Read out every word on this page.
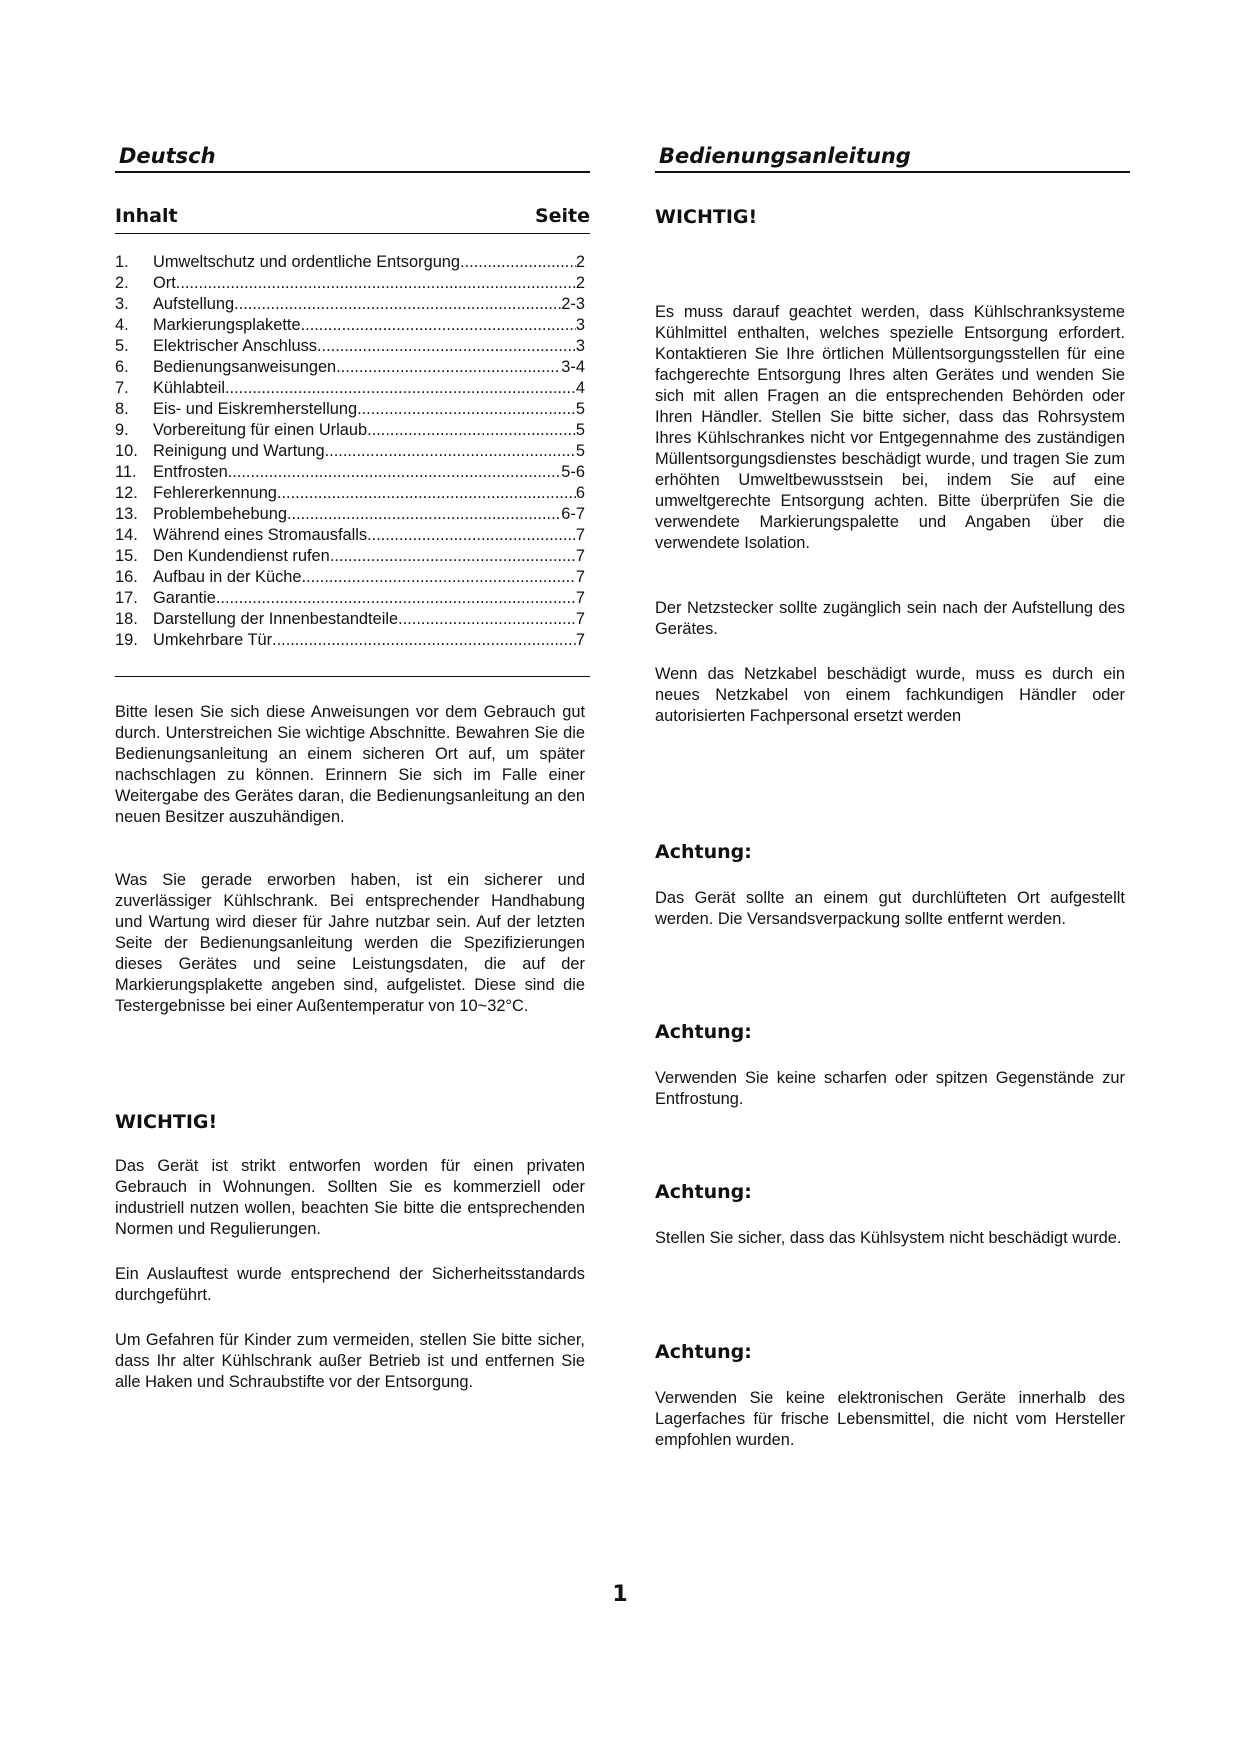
Deutsch
Inhalt	Seite
1.	Umweltschutz und ordentliche Entsorgung .....	2
2.	Ort .....	2
3.	Aufstellung .....	2-3
4.	Markierungsplakette .....	3
5.	Elektrischer Anschluss .....	3
6.	Bedienungsanweisungen .....	3-4
7.	Kühlabteil .....	4
8.	Eis- und Eiskremherstellung .....	5
9.	Vorbereitung für einen Urlaub .....	5
10. Reinigung und Wartung .....	5
11.	Entfrosten .....	5-6
12. Fehlererkennung .....	6
13. Problembehebung .....	6-7
14. Während eines Stromausfalls .....	7
15. Den Kundendienst rufen .....	7
16. Aufbau in der Küche .....	7
17. Garantie .....	7
18. Darstellung der Innenbestandteile .....	7
19. Umkehrbare Tür .....	7

Bitte lesen Sie sich diese Anweisungen vor dem Gebrauch gut durch. Unterstreichen Sie wichtige Abschnitte. Bewahren Sie die Bedienungsanleitung an einem sicheren Ort auf, um später nachschlagen zu können. Erinnern Sie sich im Falle einer Weitergabe des Gerätes daran, die Bedienungsanleitung an den neuen Besitzer auszuhändigen.

Was Sie gerade erworben haben, ist ein sicherer und zuverlässiger Kühlschrank. Bei entsprechender Handhabung und Wartung wird dieser für Jahre nutzbar sein. Auf der letzten Seite der Bedienungsanleitung werden die Spezifizierungen dieses Gerätes und seine Leistungsdaten, die auf der Markierungsplakette angeben sind, aufgelistet. Diese sind die Testergebnisse bei einer Außentemperatur von 10~32°C.

WICHTIG!

Das Gerät ist strikt entworfen worden für einen privaten Gebrauch in Wohnungen. Sollten Sie es kommerziell oder industriell nutzen wollen, beachten Sie bitte die entsprechenden Normen und Regulierungen.

Ein Auslauftest wurde entsprechend der Sicherheitsstandards durchgeführt.

Um Gefahren für Kinder zum vermeiden, stellen Sie bitte sicher, dass Ihr alter Kühlschrank außer Betrieb ist und entfernen Sie alle Haken und Schraubstifte vor der Entsorgung.

Bedienungsanleitung
WICHTIG!

Es muss darauf geachtet werden, dass Kühlschranksysteme Kühlmittel enthalten, welches spezielle Entsorgung erfordert. Kontaktieren Sie Ihre örtlichen Müllentsorgungsstellen für eine fachgerechte Entsorgung Ihres alten Gerätes und wenden Sie sich mit allen Fragen an die entsprechenden Behörden oder Ihren Händler. Stellen Sie bitte sicher, dass das Rohrsystem Ihres Kühlschrankes nicht vor Entgegennahme des zuständigen Müllentsorgungsdienstes beschädigt wurde, und tragen Sie zum erhöhten Umweltbewusstsein bei, indem Sie auf eine umweltgerechte Entsorgung achten. Bitte überprüfen Sie die verwendete Markierungspalette und Angaben über die verwendete Isolation.

Der Netzstecker sollte zugänglich sein nach der Aufstellung des Gerätes.

Wenn das Netzkabel beschädigt wurde, muss es durch ein neues Netzkabel von einem fachkundigen Händler oder autorisierten Fachpersonal ersetzt werden

Achtung:

Das Gerät sollte an einem gut durchlüfteten Ort aufgestellt werden. Die Versandsverpackung sollte entfernt werden.

Achtung:

Verwenden Sie keine scharfen oder spitzen Gegenstände zur Entfrostung.

Achtung:

Stellen Sie sicher, dass das Kühlsystem nicht beschädigt wurde.

Achtung:

Verwenden Sie keine elektronischen Geräte innerhalb des Lagerfaches für frische Lebensmittel, die nicht vom Hersteller empfohlen wurden.

1
